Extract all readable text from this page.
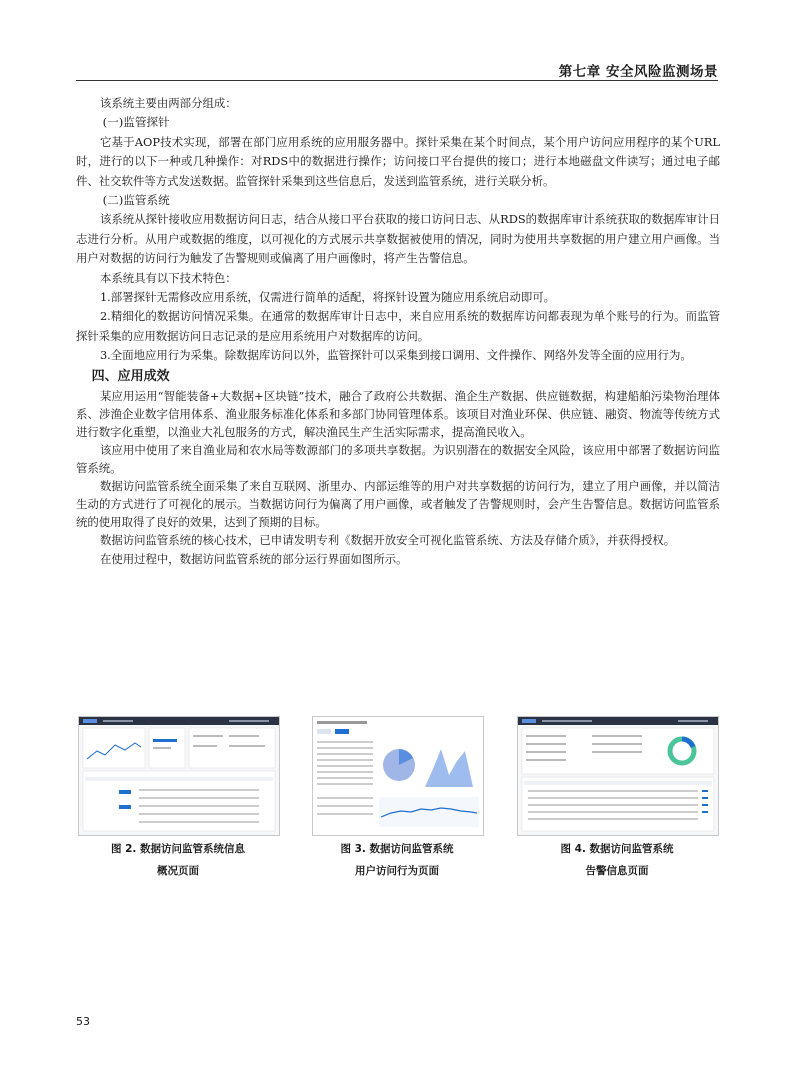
第七章 安全风险监测场景

该系统主要由两部分组成：

(一)监管探针

它基于AOP技术实现，部署在部门应用系统的应用服务器中。探针采集在某个时间点，某个用户访问应用程序的某个URL时，进行的以下一种或几种操作：对RDS中的数据进行操作；访问接口平台提供的接口；进行本地磁盘文件读写；通过电子邮件、社交软件等方式发送数据。监管探针采集到这些信息后，发送到监管系统，进行关联分析。

(二)监管系统

该系统从探针接收应用数据访问日志，结合从接口平台获取的接口访问日志、从RDS的数据库审计系统获取的数据库审计日志进行分析。从用户或数据的维度，以可视化的方式展示共享数据被使用的情况，同时为使用共享数据的用户建立用户画像。当用户对数据的访问行为触发了告警规则或偏离了用户画像时，将产生告警信息。

本系统具有以下技术特色：

1.部署探针无需修改应用系统，仅需进行简单的适配，将探针设置为随应用系统启动即可。

2.精细化的数据访问情况采集。在通常的数据库审计日志中，来自应用系统的数据库访问都表现为单个账号的行为。而监管探针采集的应用数据访问日志记录的是应用系统用户对数据库的访问。

3.全面地应用行为采集。除数据库访问以外，监管探针可以采集到接口调用、文件操作、网络外发等全面的应用行为。

四、应用成效

某应用运用“智能装备+大数据+区块链”技术，融合了政府公共数据、渔企生产数据、供应链数据，构建船舶污染物治理体系、涉渔企业数字信用体系、渔业服务标准化体系和多部门协同管理体系。该项目对渔业环保、供应链、融资、物流等传统方式进行数字化重塑，以渔业大礼包服务的方式，解决渔民生产生活实际需求，提高渔民收入。

该应用中使用了来自渔业局和农水局等数源部门的多项共享数据。为识别潜在的数据安全风险，该应用中部署了数据访问监管系统。

数据访问监管系统全面采集了来自互联网、浙里办、内部运维等的用户对共享数据的访问行为，建立了用户画像，并以简洁生动的方式进行了可视化的展示。当数据访问行为偏离了用户画像，或者触发了告警规则时，会产生告警信息。数据访问监管系统的使用取得了良好的效果，达到了预期的目标。

数据访问监管系统的核心技术，已申请发明专利《数据开放安全可视化监管系统、方法及存储介质》，并获得授权。

在使用过程中，数据访问监管系统的部分运行界面如图所示。

图 2. 数据访问监管系统信息
概况页面
图 3. 数据访问监管系统
用户访问行为页面
图 4. 数据访问监管系统
告警信息页面
53
